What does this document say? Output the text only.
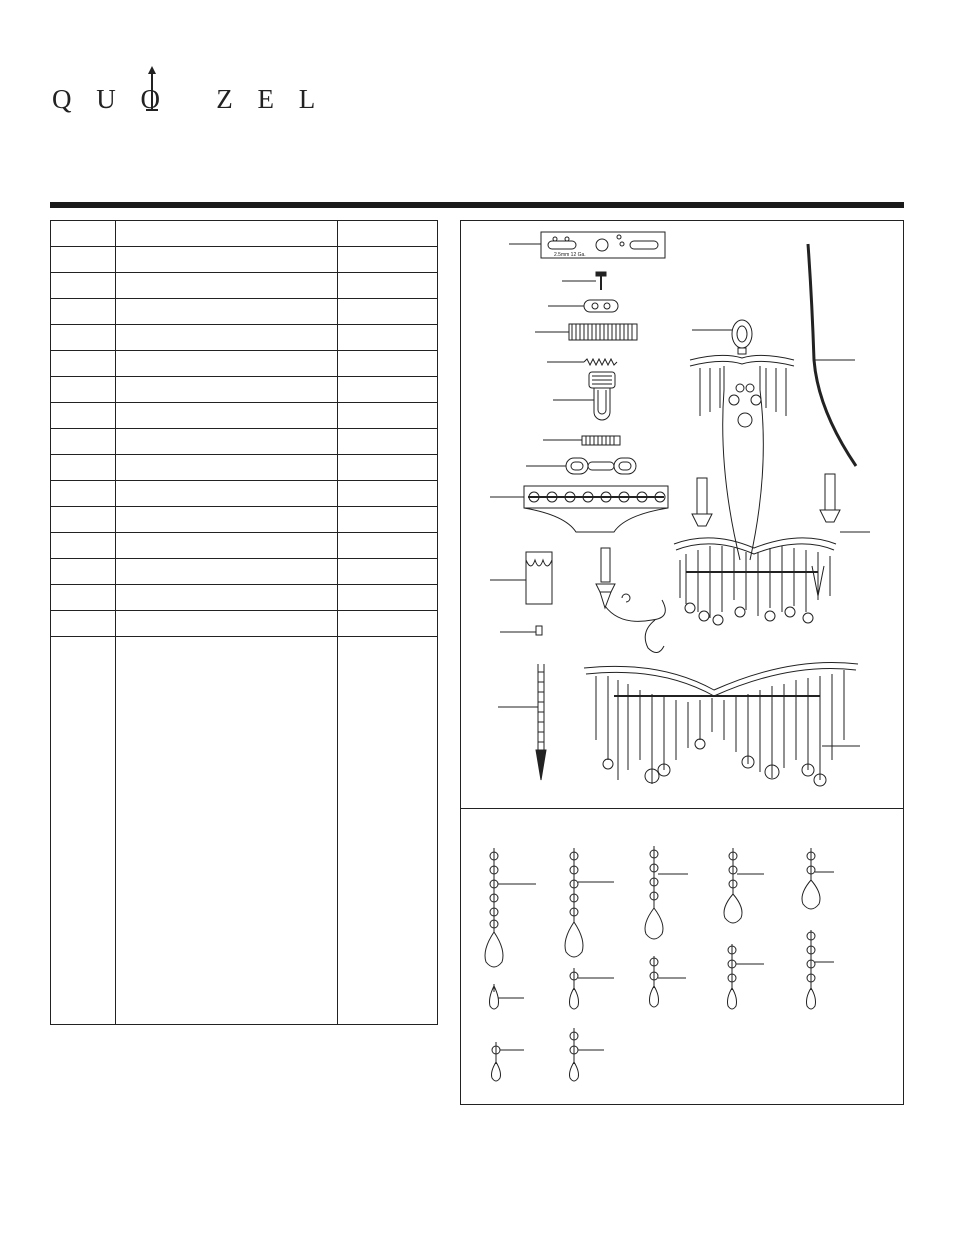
Q U O   Z E L
2.5mm 12 Ga.
